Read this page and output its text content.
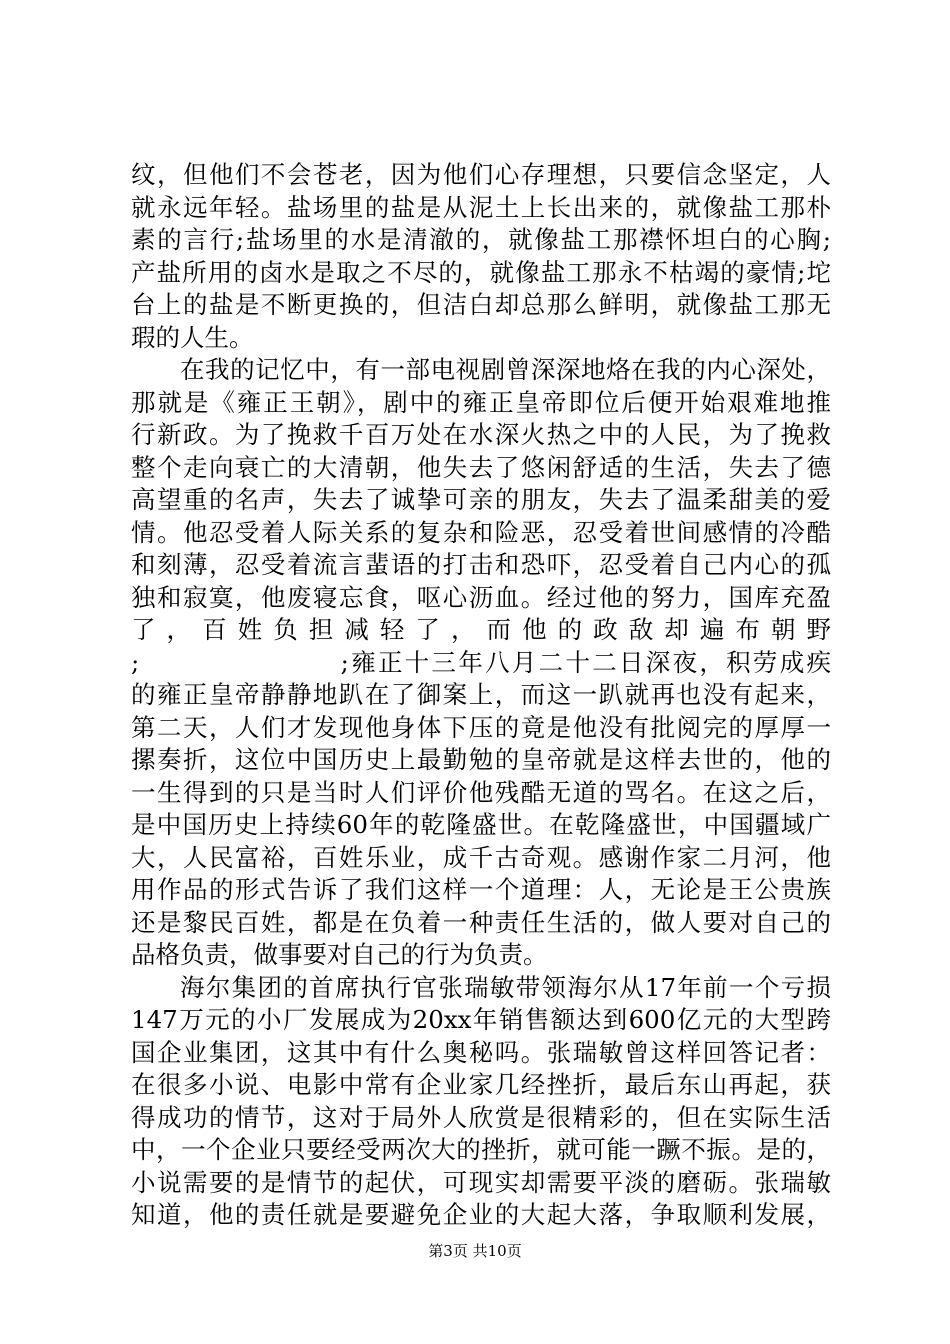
纹，但他们不会苍老，因为他们心存理想，只要信念坚定，人
就永远年轻。盐场里的盐是从泥土上长出来的，就像盐工那朴
素的言行;盐场里的水是清澈的，就像盐工那襟怀坦白的心胸;
产盐所用的卤水是取之不尽的，就像盐工那永不枯竭的豪情;坨
台上的盐是不断更换的，但洁白却总那么鲜明，就像盐工那无
瑕的人生。
在我的记忆中，有一部电视剧曾深深地烙在我的内心深处，
那就是《雍正王朝》，剧中的雍正皇帝即位后便开始艰难地推
行新政。为了挽救千百万处在水深火热之中的人民，为了挽救
整个走向衰亡的大清朝，他失去了悠闲舒适的生活，失去了德
高望重的名声，失去了诚挚可亲的朋友，失去了温柔甜美的爱
情。他忍受着人际关系的复杂和险恶，忍受着世间感情的冷酷
和刻薄，忍受着流言蜚语的打击和恐吓，忍受着自己内心的孤
独和寂寞，他废寝忘食，呕心沥血。经过他的努力，国库充盈
了，百姓负担减轻了，而他的政敌却遍布朝野
;                    ;雍正十三年八月二十二日深夜，积劳成疾
的雍正皇帝静静地趴在了御案上，而这一趴就再也没有起来，
第二天，人们才发现他身体下压的竟是他没有批阅完的厚厚一
摞奏折，这位中国历史上最勤勉的皇帝就是这样去世的，他的
一生得到的只是当时人们评价他残酷无道的骂名。在这之后，
是中国历史上持续60年的乾隆盛世。在乾隆盛世，中国疆域广
大，人民富裕，百姓乐业，成千古奇观。感谢作家二月河，他
用作品的形式告诉了我们这样一个道理：人，无论是王公贵族
还是黎民百姓，都是在负着一种责任生活的，做人要对自己的
品格负责，做事要对自己的行为负责。
海尔集团的首席执行官张瑞敏带领海尔从17年前一个亏损
147万元的小厂发展成为20xx年销售额达到600亿元的大型跨
国企业集团，这其中有什么奥秘吗。张瑞敏曾这样回答记者：
在很多小说、电影中常有企业家几经挫折，最后东山再起，获
得成功的情节，这对于局外人欣赏是很精彩的，但在实际生活
中，一个企业只要经受两次大的挫折，就可能一蹶不振。是的，
小说需要的是情节的起伏，可现实却需要平淡的磨砺。张瑞敏
知道，他的责任就是要避免企业的大起大落，争取顺利发展，
第3页 共10页
